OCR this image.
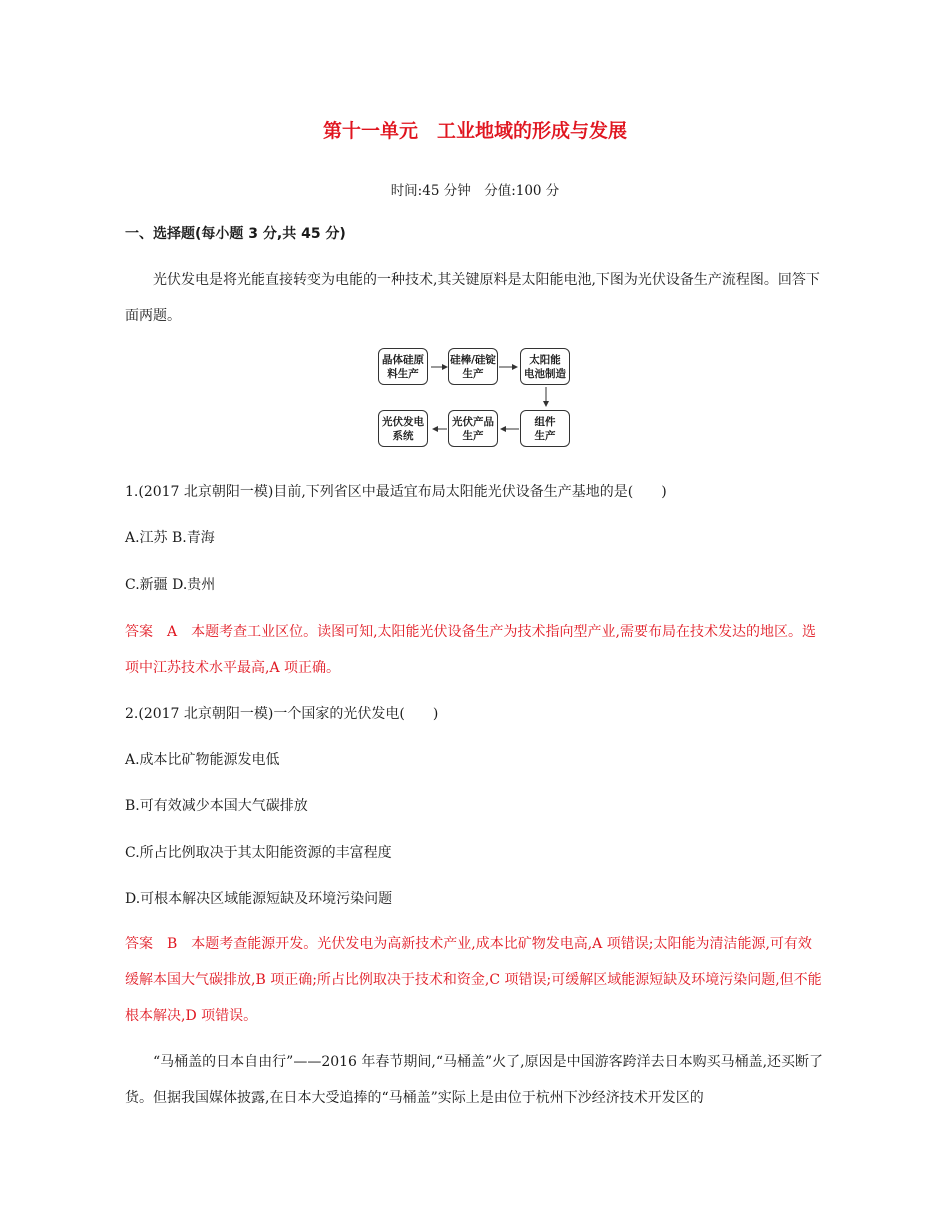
第十一单元　工业地域的形成与发展
时间:45 分钟　分值:100 分
一、选择题(每小题 3 分,共 45 分)
光伏发电是将光能直接转变为电能的一种技术,其关键原料是太阳能电池,下图为光伏设备生产流程图。回答下面两题。
晶体硅原
料生产
硅棒/硅锭
生产
太阳能
电池制造
组件
生产
光伏产品
生产
光伏发电
系统
1.(2017 北京朝阳一模)目前,下列省区中最适宜布局太阳能光伏设备生产基地的是(　　)
A.江苏 B.青海
C.新疆 D.贵州
答案　A　本题考查工业区位。读图可知,太阳能光伏设备生产为技术指向型产业,需要布局在技术发达的地区。选项中江苏技术水平最高,A 项正确。
2.(2017 北京朝阳一模)一个国家的光伏发电(　　)
A.成本比矿物能源发电低
B.可有效减少本国大气碳排放
C.所占比例取决于其太阳能资源的丰富程度
D.可根本解决区域能源短缺及环境污染问题
答案　B　本题考查能源开发。光伏发电为高新技术产业,成本比矿物发电高,A 项错误;太阳能为清洁能源,可有效缓解本国大气碳排放,B 项正确;所占比例取决于技术和资金,C 项错误;可缓解区域能源短缺及环境污染问题,但不能根本解决,D 项错误。
“马桶盖的日本自由行”——2016 年春节期间,“马桶盖”火了,原因是中国游客跨洋去日本购买马桶盖,还买断了货。但据我国媒体披露,在日本大受追捧的“马桶盖”实际上是由位于杭州下沙经济技术开发区的
